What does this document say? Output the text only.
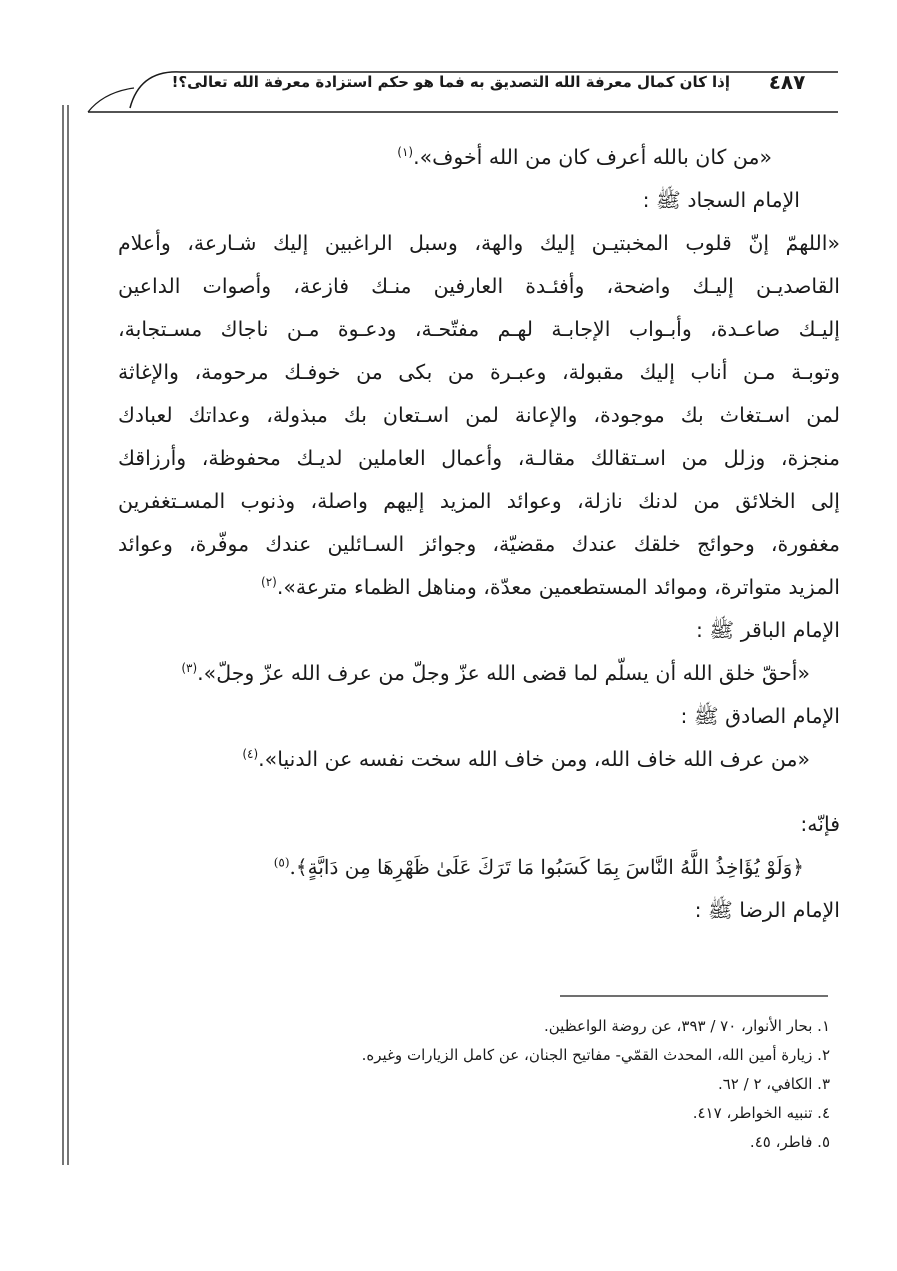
إذا كان كمال معرفة الله التصديق به فما هو حكم استزادة معرفة الله تعالى؟!	٤٨٧

«من كان بالله أعرف كان من الله أخوف».$^{(١)}$

الإمام السجاد ﷺ :

«اللهمّ إنّ قلوب المخبتيـن إليك والهة، وسبل الراغبين إليك شـارعة، وأعلام
القاصديـن إليـك واضحة، وأفئـدة العارفين منـك فازعة، وأصوات الداعين
إليـك صاعـدة، وأبـواب الإجابـة لهـم مفتّحـة، ودعـوة مـن ناجاك مسـتجابة،
وتوبـة مـن أناب إليك مقبولة، وعبـرة من بكى من خوفـك مرحومة، والإغاثة
لمن اسـتغاث بك موجودة، والإعانة لمن اسـتعان بك مبذولة، وعداتك لعبادك
منجزة، وزلل من اسـتقالك مقالـة، وأعمال العاملين لديـك محفوظة، وأرزاقك
إلى الخلائق من لدنك نازلة، وعوائد المزيد إليهم واصلة، وذنوب المسـتغفرين
مغفورة، وحوائج خلقك عندك مقضيّة، وجوائز السـائلين عندك موفّرة، وعوائد
المزيد متواترة، وموائد المستطعمين معدّة، ومناهل الظماء مترعة».$^{(٢)}$

الإمام الباقر ﷺ :

«أحقّ خلق الله أن يسلّم لما قضى الله عزّ وجلّ من عرف الله عزّ وجلّ».$^{(٣)}$

الإمام الصادق ﷺ :

«من عرف الله خاف الله، ومن خاف الله سخت نفسه عن الدنيا».$^{(٤)}$

فإنّه:

﴿وَلَوْ يُؤَاخِذُ اللَّهُ النَّاسَ بِمَا كَسَبُوا مَا تَرَكَ عَلَىٰ ظَهْرِهَا مِن دَابَّةٍ﴾.$^{(٥)}$

الإمام الرضا ﷺ :

١. بحار الأنوار، ٧٠ / ٣٩٣، عن روضة الواعظين.
٢. زيارة أمين الله، المحدث القمّي- مفاتيح الجنان، عن كامل الزيارات وغيره.
٣. الكافي، ٢ / ٦٢.
٤. تنبيه الخواطر، ٤١٧.
٥. فاطر، ٤٥.
